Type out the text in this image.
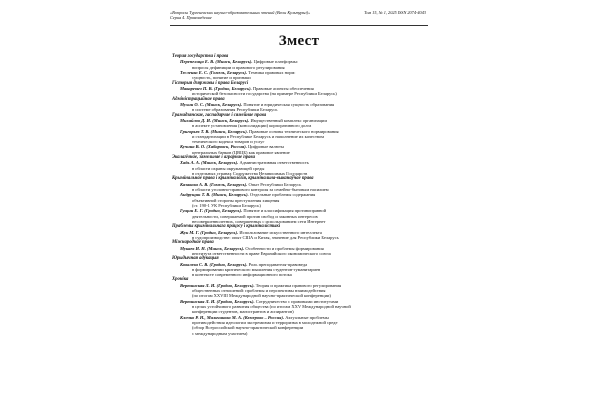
«Вопросы Тургеневских научно-образовательных чтений (Весы Культурыi)»
Серия 4. Правоведение
Том 15, № 1, 2025 ISSN 2074-4043
Змест
Теория государства і права
Перепелица Е. В. (Минск, Беларусь). Цифровые платформы:
вопросы дефиниции и правового регулирования
Тесленко Е. С. (Гомель, Беларусь). Техника правовых норм:
сущность, понятие и признаки
Гісторыя дзяржавы і права Беларусі
Макаревич П. В. (Гродно, Беларусь). Правовые аспекты обеспечения
исторической безопасности государства (на примере Республики Беларусь)
Адміністрацыйнае права
Мухин О. С. (Минск, Беларусь). Понятие и юридическая сущность образования
в системе образования Республики Беларусь
Грамадзянскае, гаспадарчае і сямейнае права
Михайлов Д. И. (Минск, Беларусь). Имущественный комплекс организации
в аспекте установления (консолидации) корпоративного долга
Григорьев Т. В. (Минск, Беларусь). Правовые основы технического нормирования
и стандартизации в Республике Беларусь и наполнение их качеством
технического кодекса товаров и услуг
Кучина В. О. (Хабаровск, Россия). Цифровые валюты
центральных банков (ЦВЦБ) как правовое явление
Экалагічнае, зямельнае і аграрнае права
Хадь А. А. (Минск, Беларусь). Административная ответственность
в области охраны окружающей среды
в отдельных странах Содружества Независимых Государств
Крымінальнае права і крыміналогія, крымінальна-выканаўчае права
Казакова А. В. (Гомель, Беларусь). Опыт Республики Беларусь
в области уголовно-правового контроля за семейно-бытовым насилием
Андрущик Т. В. (Минск, Беларусь). Отдельные проблемы содержания
объективной стороны преступления хищения
(ст. 190-1 УК Республики Беларусь)
Гущин Е. Г. (Гродно, Беларусь). Понятие и классификация противоправной
деятельности, совершаемой против свобод и законных интересов
несовершеннолетних, совершенных с использованием сети Интернет
Праблемы крымінальнага працэсу і крыміналістыкі
Жук М. Г. (Гродно, Беларусь). Использование искусственного интеллекта
в судопроизводстве: опыт США и Китая, значение для Республики Беларусь
Міжнароднае права
Мукаев И. Н. (Минск, Беларусь). Особенности и проблемы формирования
института ответственности в праве Евразийского экономического союза
Юрыдычная адукацыя
Ковалева С. В. (Гродно, Беларусь). Роль преподавателя-правоведа
в формировании критического мышления студентов-гуманитариев
в контексте современного информационного потока
Хроніка
Вертинская Л. И. (Гродно, Беларусь). Теория и практика правового регулирования
общественных отношений: проблемы и перспективы взаимодействия
(по итогам XXVIII Международной научно-практической конференции)
Вертинская Л. И. (Гродно, Беларусь). Сотрудничество с правовыми институтами
в целях устойчивого развития общества (по итогам XXV Международной научной
конференции студентов, магистрантов и аспирантов)
Клочко Р. Н., Мальчикова М. А. (Кемерово – Россия). Актуальные проблемы
противодействия идеологии экстремизма и терроризма в молодежной среде
(обзор Всероссийской научно-практической конференции
с международным участием)
